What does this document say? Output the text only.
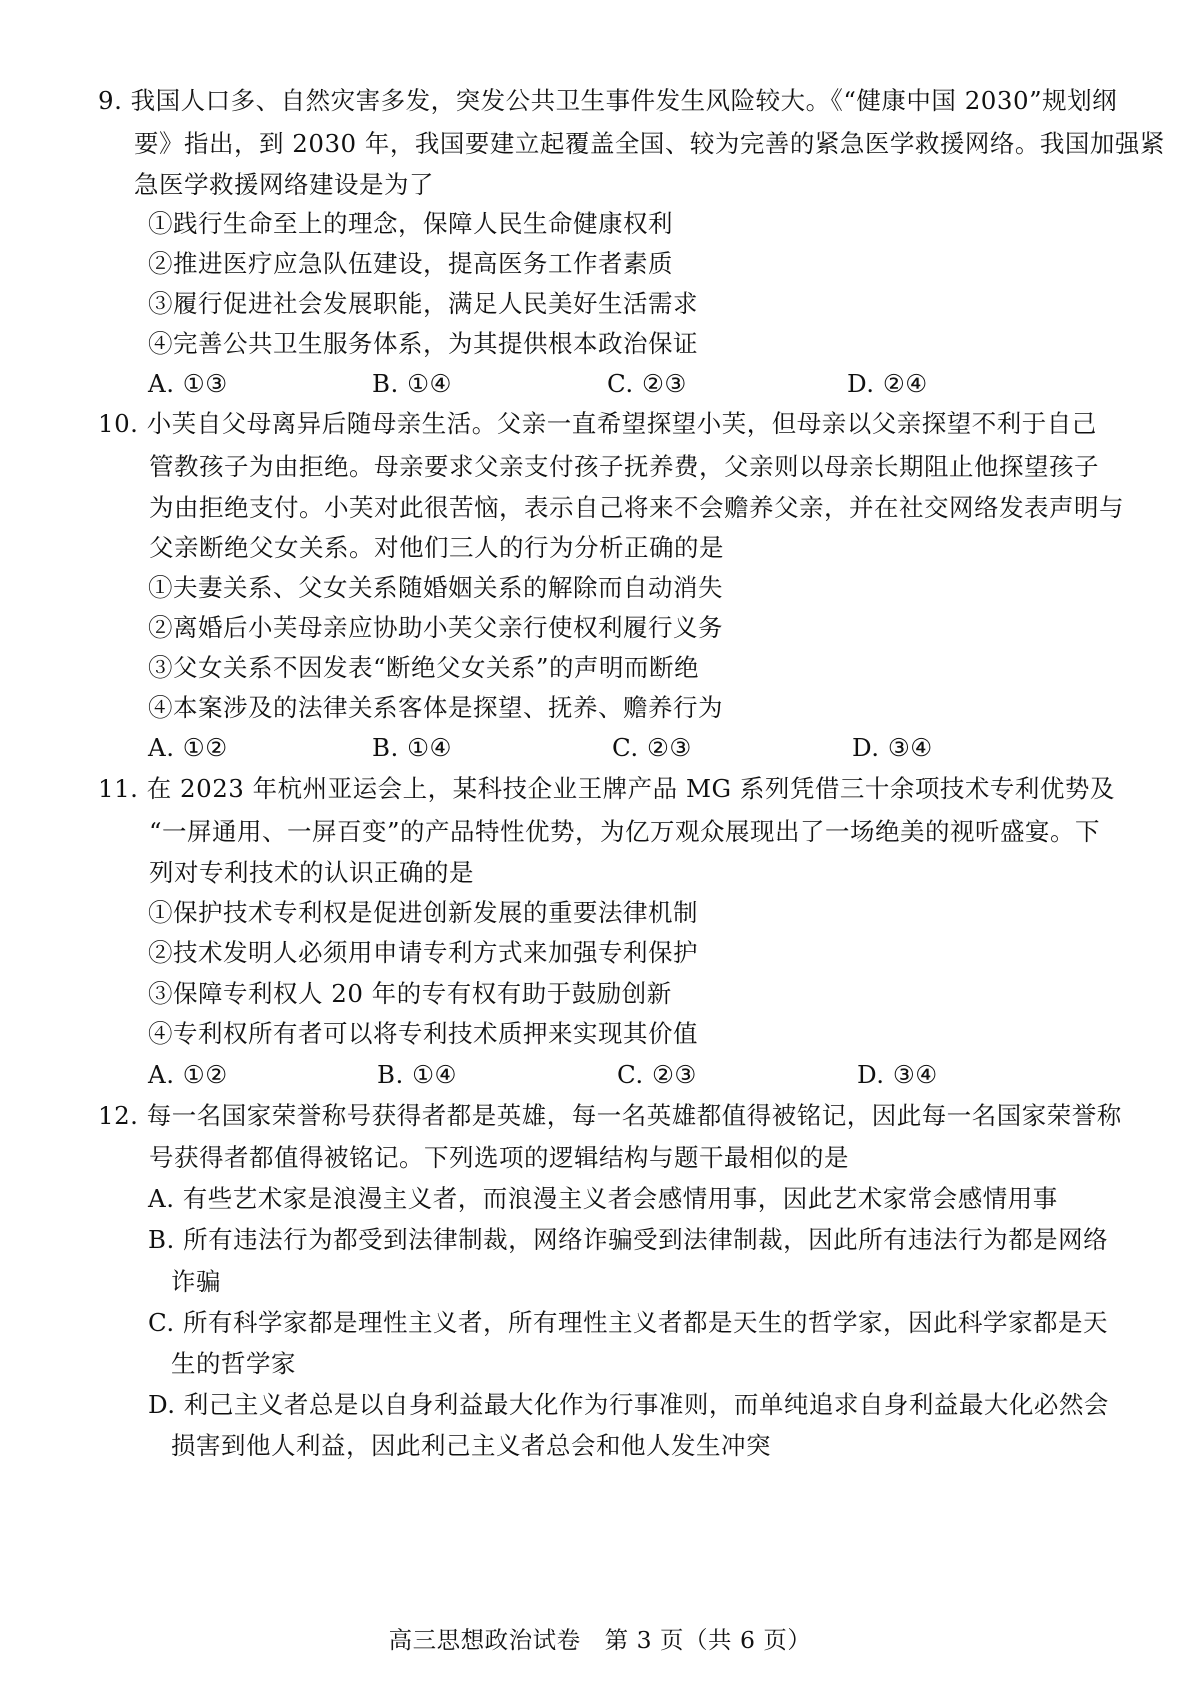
9. 我国人口多、自然灾害多发，突发公共卫生事件发生风险较大。《“健康中国 2030”规划纲
要》指出，到 2030 年，我国要建立起覆盖全国、较为完善的紧急医学救援网络。我国加强紧
急医学救援网络建设是为了
①践行生命至上的理念，保障人民生命健康权利
②推进医疗应急队伍建设，提高医务工作者素质
③履行促进社会发展职能，满足人民美好生活需求
④完善公共卫生服务体系，为其提供根本政治保证
A. ①③	B. ①④	C. ②③	D. ②④
10. 小芙自父母离异后随母亲生活。父亲一直希望探望小芙，但母亲以父亲探望不利于自己
管教孩子为由拒绝。母亲要求父亲支付孩子抚养费，父亲则以母亲长期阻止他探望孩子
为由拒绝支付。小芙对此很苦恼，表示自己将来不会赡养父亲，并在社交网络发表声明与
父亲断绝父女关系。对他们三人的行为分析正确的是
①夫妻关系、父女关系随婚姻关系的解除而自动消失
②离婚后小芙母亲应协助小芙父亲行使权利履行义务
③父女关系不因发表“断绝父女关系”的声明而断绝
④本案涉及的法律关系客体是探望、抚养、赡养行为
A. ①②	B. ①④	C. ②③	D. ③④
11. 在 2023 年杭州亚运会上，某科技企业王牌产品 MG 系列凭借三十余项技术专利优势及
“一屏通用、一屏百变”的产品特性优势，为亿万观众展现出了一场绝美的视听盛宴。下
列对专利技术的认识正确的是
①保护技术专利权是促进创新发展的重要法律机制
②技术发明人必须用申请专利方式来加强专利保护
③保障专利权人 20 年的专有权有助于鼓励创新
④专利权所有者可以将专利技术质押来实现其价值
A. ①②	B. ①④	C. ②③	D. ③④
12. 每一名国家荣誉称号获得者都是英雄，每一名英雄都值得被铭记，因此每一名国家荣誉称
号获得者都值得被铭记。下列选项的逻辑结构与题干最相似的是
A. 有些艺术家是浪漫主义者，而浪漫主义者会感情用事，因此艺术家常会感情用事
B. 所有违法行为都受到法律制裁，网络诈骗受到法律制裁，因此所有违法行为都是网络
诈骗
C. 所有科学家都是理性主义者，所有理性主义者都是天生的哲学家，因此科学家都是天
生的哲学家
D. 利己主义者总是以自身利益最大化作为行事准则，而单纯追求自身利益最大化必然会
损害到他人利益，因此利己主义者总会和他人发生冲突
高三思想政治试卷　第 3 页（共 6 页）
